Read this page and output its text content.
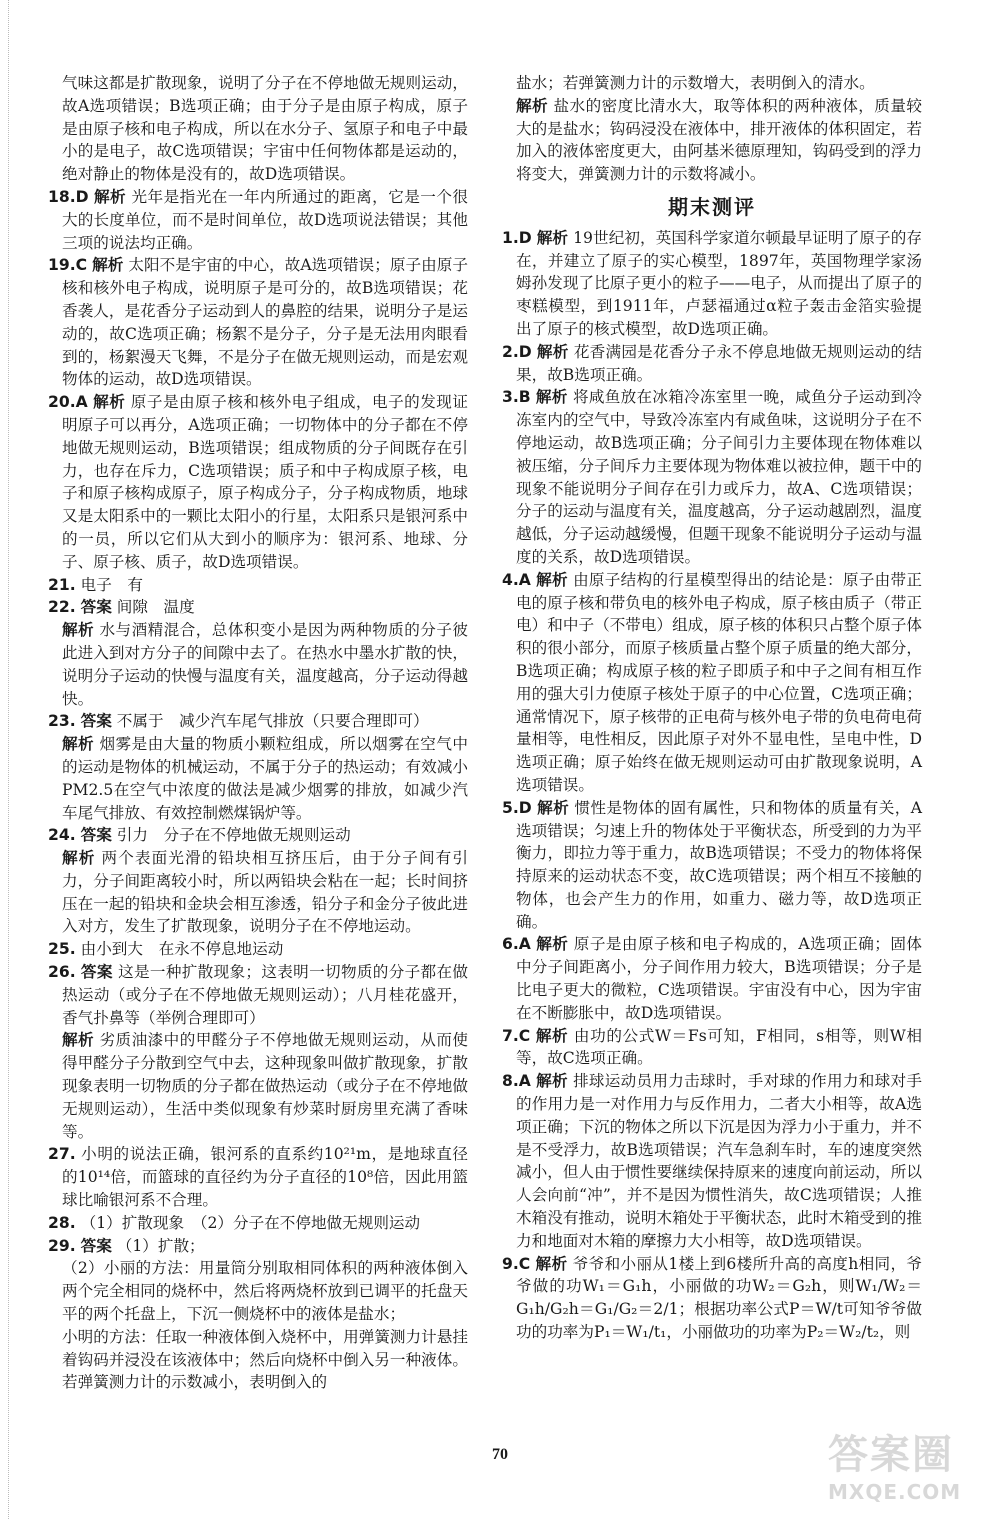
气味这都是扩散现象，说明了分子在不停地做无规则运动，故A选项错误；B选项正确；由于分子是由原子构成，原子是由原子核和电子构成，所以在水分子、氢原子和电子中最小的是电子，故C选项错误；宇宙中任何物体都是运动的，绝对静止的物体是没有的，故D选项错误。

18.D 解析 光年是指光在一年内所通过的距离，它是一个很大的长度单位，而不是时间单位，故D选项说法错误；其他三项的说法均正确。

19.C 解析 太阳不是宇宙的中心，故A选项错误；原子由原子核和核外电子构成，说明原子是可分的，故B选项错误；花香袭人，是花香分子运动到人的鼻腔的结果，说明分子是运动的，故C选项正确；杨絮不是分子，分子是无法用肉眼看到的，杨絮漫天飞舞，不是分子在做无规则运动，而是宏观物体的运动，故D选项错误。

20.A 解析 原子是由原子核和核外电子组成，电子的发现证明原子可以再分，A选项正确；一切物体中的分子都在不停地做无规则运动，B选项错误；组成物质的分子间既存在引力，也存在斥力，C选项错误；质子和中子构成原子核，电子和原子核构成原子，原子构成分子，分子构成物质，地球又是太阳系中的一颗比太阳小的行星，太阳系只是银河系中的一员，所以它们从大到小的顺序为：银河系、地球、分子、原子核、质子，故D选项错误。

21. 电子　有

22. 答案 间隙　温度

解析 水与酒精混合，总体积变小是因为两种物质的分子彼此进入到对方分子的间隙中去了。在热水中墨水扩散的快，说明分子运动的快慢与温度有关，温度越高，分子运动得越快。

23. 答案 不属于　减少汽车尾气排放（只要合理即可）

解析 烟雾是由大量的物质小颗粒组成，所以烟雾在空气中的运动是物体的机械运动，不属于分子的热运动；有效减小PM2.5在空气中浓度的做法是减少烟雾的排放，如减少汽车尾气排放、有效控制燃煤锅炉等。

24. 答案 引力　分子在不停地做无规则运动

解析 两个表面光滑的铅块相互挤压后，由于分子间有引力，分子间距离较小时，所以两铅块会粘在一起；长时间挤压在一起的铅块和金块会相互渗透，铅分子和金分子彼此进入对方，发生了扩散现象，说明分子在不停地运动。

25. 由小到大　在永不停息地运动

26. 答案 这是一种扩散现象；这表明一切物质的分子都在做热运动（或分子在不停地做无规则运动）；八月桂花盛开，香气扑鼻等（举例合理即可）

解析 劣质油漆中的甲醛分子不停地做无规则运动，从而使得甲醛分子分散到空气中去，这种现象叫做扩散现象，扩散现象表明一切物质的分子都在做热运动（或分子在不停地做无规则运动），生活中类似现象有炒菜时厨房里充满了香味等。

27. 小明的说法正确，银河系的直系约10²¹m，是地球直径的10¹⁴倍，而篮球的直径约为分子直径的10⁸倍，因此用篮球比喻银河系不合理。

28. （1）扩散现象　（2）分子在不停地做无规则运动

29. 答案 （1）扩散；

（2）小丽的方法：用量筒分别取相同体积的两种液体倒入两个完全相同的烧杯中，然后将两烧杯放到已调平的托盘天平的两个托盘上，下沉一侧烧杯中的液体是盐水；

小明的方法：任取一种液体倒入烧杯中，用弹簧测力计悬挂着钩码并浸没在该液体中；然后向烧杯中倒入另一种液体。若弹簧测力计的示数减小，表明倒入的

盐水；若弹簧测力计的示数增大，表明倒入的清水。

解析 盐水的密度比清水大，取等体积的两种液体，质量较大的是盐水；钩码浸没在液体中，排开液体的体积固定，若加入的液体密度更大，由阿基米德原理知，钩码受到的浮力将变大，弹簧测力计的示数将减小。

期末测评

1.D 解析 19世纪初，英国科学家道尔顿最早证明了原子的存在，并建立了原子的实心模型，1897年，英国物理学家汤姆孙发现了比原子更小的粒子——电子，从而提出了原子的枣糕模型，到1911年，卢瑟福通过α粒子轰击金箔实验提出了原子的核式模型，故D选项正确。

2.D 解析 花香满园是花香分子永不停息地做无规则运动的结果，故B选项正确。

3.B 解析 将咸鱼放在冰箱冷冻室里一晚，咸鱼分子运动到冷冻室内的空气中，导致冷冻室内有咸鱼味，这说明分子在不停地运动，故B选项正确；分子间引力主要体现在物体难以被压缩，分子间斥力主要体现为物体难以被拉伸，题干中的现象不能说明分子间存在引力或斥力，故A、C选项错误；分子的运动与温度有关，温度越高，分子运动越剧烈，温度越低，分子运动越缓慢，但题干现象不能说明分子运动与温度的关系，故D选项错误。

4.A 解析 由原子结构的行星模型得出的结论是：原子由带正电的原子核和带负电的核外电子构成，原子核由质子（带正电）和中子（不带电）组成，原子核的体积只占整个原子体积的很小部分，而原子核质量占整个原子质量的绝大部分，B选项正确；构成原子核的粒子即质子和中子之间有相互作用的强大引力使原子核处于原子的中心位置，C选项正确；通常情况下，原子核带的正电荷与核外电子带的负电荷电荷量相等，电性相反，因此原子对外不显电性，呈电中性，D选项正确；原子始终在做无规则运动可由扩散现象说明，A选项错误。

5.D 解析 惯性是物体的固有属性，只和物体的质量有关，A选项错误；匀速上升的物体处于平衡状态，所受到的力为平衡力，即拉力等于重力，故B选项错误；不受力的物体将保持原来的运动状态不变，故C选项错误；两个相互不接触的物体，也会产生力的作用，如重力、磁力等，故D选项正确。

6.A 解析 原子是由原子核和电子构成的，A选项正确；固体中分子间距离小，分子间作用力较大，B选项错误；分子是比电子更大的微粒，C选项错误。宇宙没有中心，因为宇宙在不断膨胀中，故D选项错误。

7.C 解析 由功的公式W＝Fs可知，F相同，s相等，则W相等，故C选项正确。

8.A 解析 排球运动员用力击球时，手对球的作用力和球对手的作用力是一对作用力与反作用力，二者大小相等，故A选项正确；下沉的物体之所以下沉是因为浮力小于重力，并不是不受浮力，故B选项错误；汽车急刹车时，车的速度突然减小，但人由于惯性要继续保持原来的速度向前运动，所以人会向前“冲”，并不是因为惯性消失，故C选项错误；人推木箱没有推动，说明木箱处于平衡状态，此时木箱受到的推力和地面对木箱的摩擦力大小相等，故D选项错误。

9.C 解析 爷爷和小丽从1楼上到6楼所升高的高度h相同，爷爷做的功W₁＝G₁h，小丽做的功W₂＝G₂h，则W₁/W₂＝G₁h/G₂h＝G₁/G₂＝2/1；根据功率公式P＝W/t可知爷爷做功的功率为P₁＝W₁/t₁，小丽做功的功率为P₂＝W₂/t₂，则

70	答案圈
MXQE.COM
